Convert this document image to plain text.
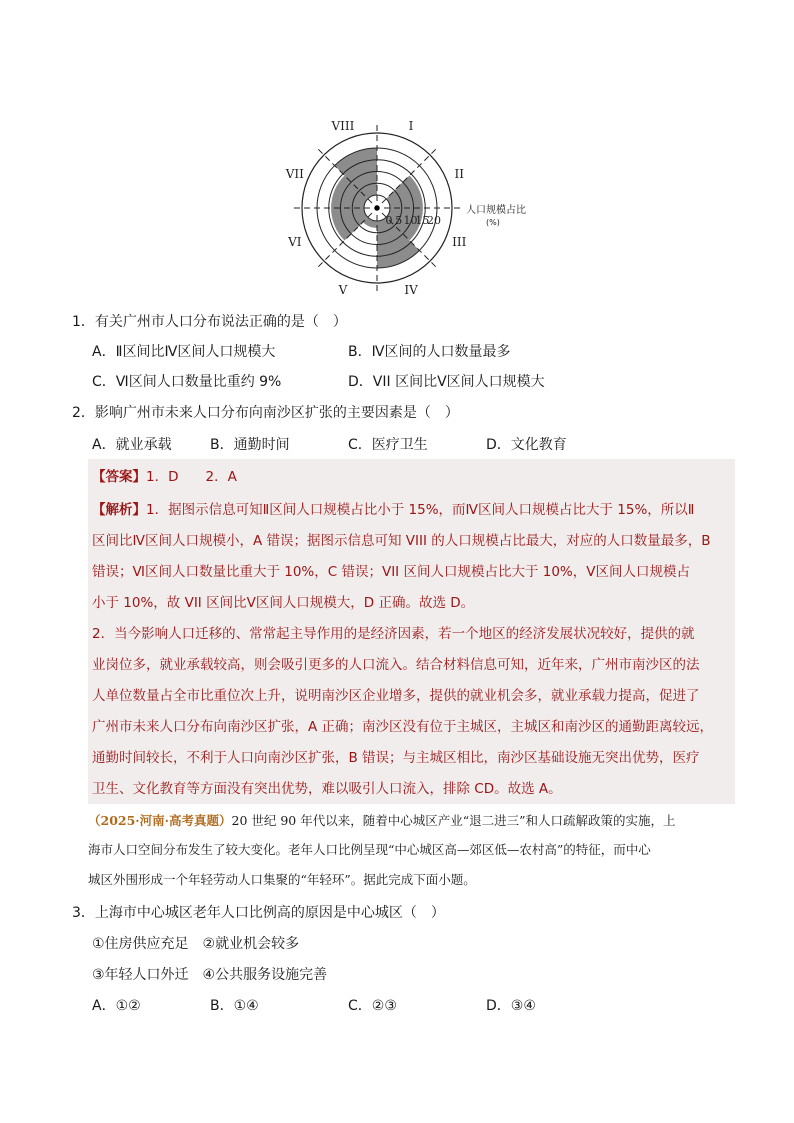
I
II
III
IV
V
VI
VII
VIII
0 5 10
15
20
人口规模占比
(%)
1．有关广州市人口分布说法正确的是（　）
A．Ⅱ区间比Ⅳ区间人口规模大	B．Ⅳ区间的人口数量最多
C．Ⅵ区间人口数量比重约 9%	D．VII 区间比Ⅴ区间人口规模大
2．影响广州市未来人口分布向南沙区扩张的主要因素是（　）
A．就业承载	B．通勤时间	C．医疗卫生	D．文化教育
【答案】1．D　　2．A
【解析】1．据图示信息可知Ⅱ区间人口规模占比小于 15%，而Ⅳ区间人口规模占比大于 15%，所以Ⅱ
区间比Ⅳ区间人口规模小，A 错误；据图示信息可知 VIII 的人口规模占比最大，对应的人口数量最多，B
错误；Ⅵ区间人口数量比重大于 10%，C 错误；VII 区间人口规模占比大于 10%，Ⅴ区间人口规模占
小于 10%，故 VII 区间比Ⅴ区间人口规模大，D 正确。故选 D。
2．当今影响人口迁移的、常常起主导作用的是经济因素，若一个地区的经济发展状况较好，提供的就
业岗位多，就业承载较高，则会吸引更多的人口流入。结合材料信息可知，近年来，广州市南沙区的法
人单位数量占全市比重位次上升，说明南沙区企业增多，提供的就业机会多，就业承载力提高，促进了
广州市未来人口分布向南沙区扩张，A 正确；南沙区没有位于主城区，主城区和南沙区的通勤距离较远，
通勤时间较长，不利于人口向南沙区扩张，B 错误；与主城区相比，南沙区基础设施无突出优势，医疗
卫生、文化教育等方面没有突出优势，难以吸引人口流入，排除 CD。故选 A。
（2025·河南·高考真题）20 世纪 90 年代以来，随着中心城区产业“退二进三”和人口疏解政策的实施，上
海市人口空间分布发生了较大变化。老年人口比例呈现“中心城区高—郊区低—农村高”的特征，而中心
城区外围形成一个年轻劳动人口集聚的“年轻环”。据此完成下面小题。
3．上海市中心城区老年人口比例高的原因是中心城区（　）
①住房供应充足　②就业机会较多
③年轻人口外迁　④公共服务设施完善
A．①②	B．①④	C．②③	D．③④
